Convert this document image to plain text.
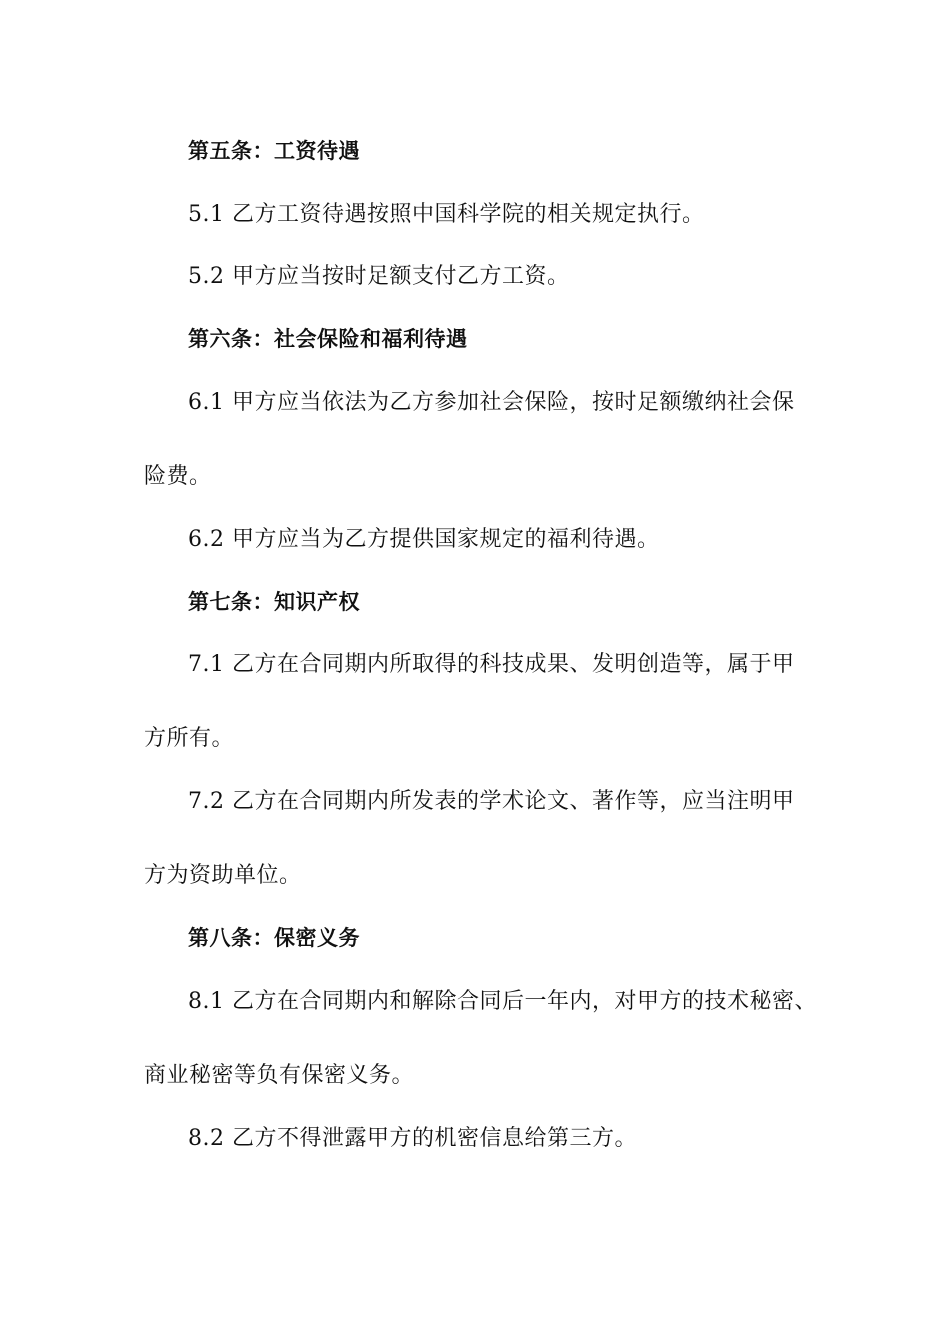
第五条：工资待遇
5.1 乙方工资待遇按照中国科学院的相关规定执行。
5.2 甲方应当按时足额支付乙方工资。
第六条：社会保险和福利待遇
6.1 甲方应当依法为乙方参加社会保险，按时足额缴纳社会保
险费。
6.2 甲方应当为乙方提供国家规定的福利待遇。
第七条：知识产权
7.1 乙方在合同期内所取得的科技成果、发明创造等，属于甲
方所有。
7.2 乙方在合同期内所发表的学术论文、著作等，应当注明甲
方为资助单位。
第八条：保密义务
8.1 乙方在合同期内和解除合同后一年内，对甲方的技术秘密、
商业秘密等负有保密义务。
8.2 乙方不得泄露甲方的机密信息给第三方。
